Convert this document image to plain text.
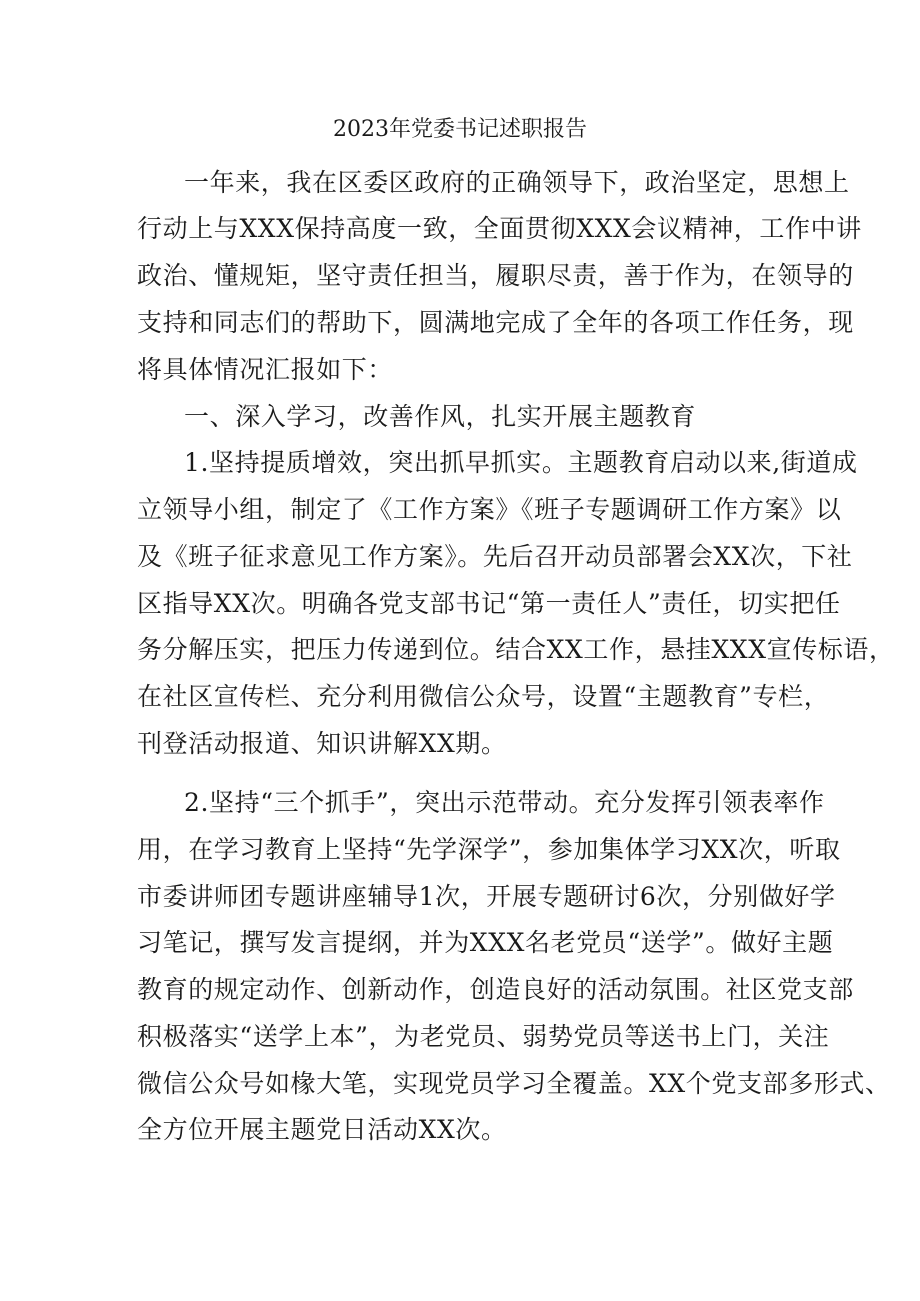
2023年党委书记述职报告
一年来，我在区委区政府的正确领导下，政治坚定，思想上
行动上与XXX保持高度一致，全面贯彻XXX会议精神，工作中讲
政治、懂规矩，坚守责任担当，履职尽责，善于作为，在领导的
支持和同志们的帮助下，圆满地完成了全年的各项工作任务，现
将具体情况汇报如下：
一、深入学习，改善作风，扎实开展主题教育
1.坚持提质增效，突出抓早抓实。主题教育启动以来,街道成
立领导小组，制定了《工作方案》《班子专题调研工作方案》以
及《班子征求意见工作方案》。先后召开动员部署会XX次，下社
区指导XX次。明确各党支部书记“第一责任人”责任，切实把任
务分解压实，把压力传递到位。结合XX工作，悬挂XXX宣传标语，
在社区宣传栏、充分利用微信公众号，设置“主题教育”专栏，
刊登活动报道、知识讲解XX期。
2.坚持“三个抓手”，突出示范带动。充分发挥引领表率作
用，在学习教育上坚持“先学深学”，参加集体学习XX次，听取
市委讲师团专题讲座辅导1次，开展专题研讨6次，分别做好学
习笔记，撰写发言提纲，并为XXX名老党员“送学”。做好主题
教育的规定动作、创新动作，创造良好的活动氛围。社区党支部
积极落实“送学上本”，为老党员、弱势党员等送书上门，关注
微信公众号如椽大笔，实现党员学习全覆盖。XX个党支部多形式、
全方位开展主题党日活动XX次。
